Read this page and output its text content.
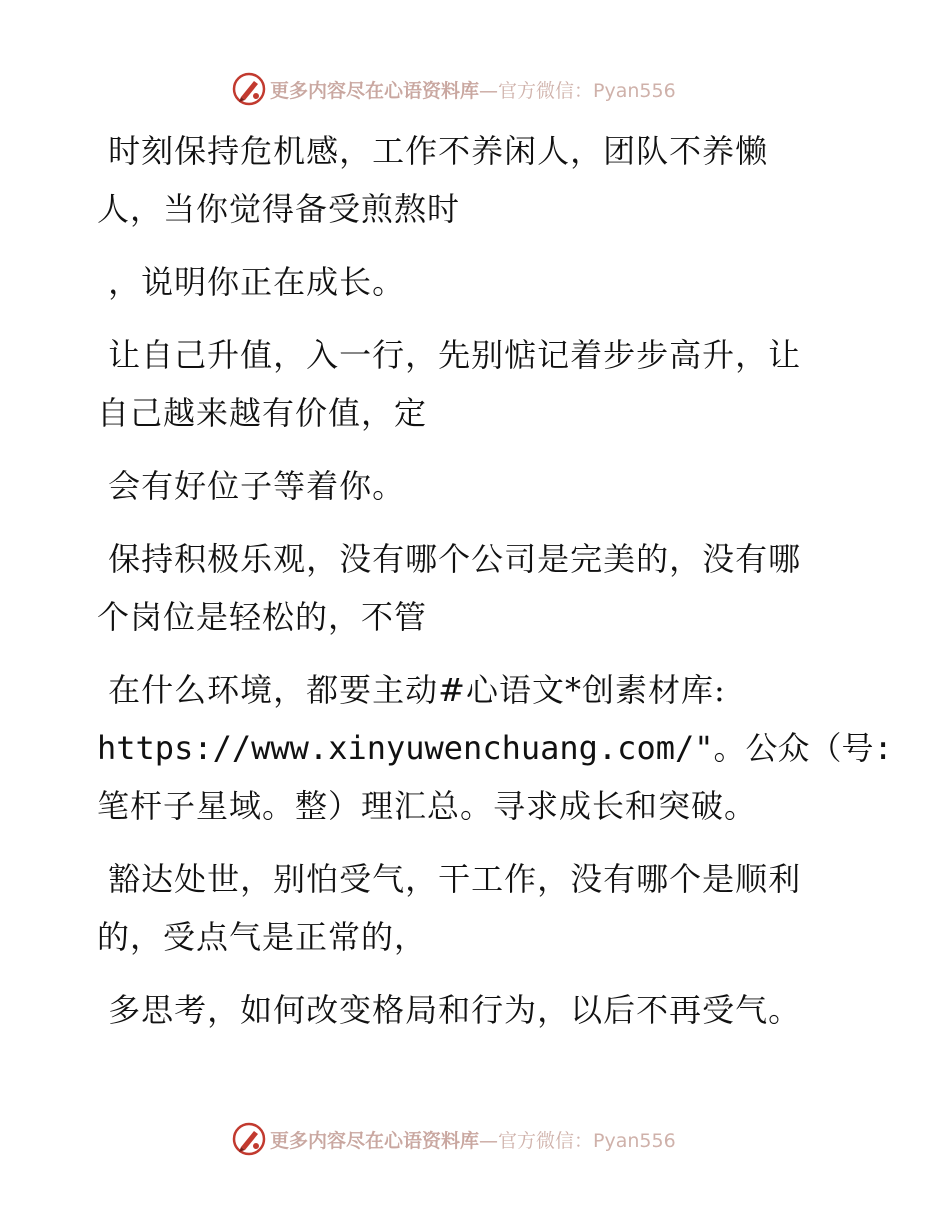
更多内容尽在心语资料库—官方微信：Pyan556
时刻保持危机感，工作不养闲人，团队不养懒
人，当你觉得备受煎熬时
，说明你正在成长。
让自己升值，入一行，先别惦记着步步高升，让
自己越来越有价值，定
会有好位子等着你。
保持积极乐观，没有哪个公司是完美的，没有哪
个岗位是轻松的，不管
在什么环境，都要主动#心语文*创素材库:
https://www.xinyuwenchuang.com/"。公众（号:
笔杆子星域。整）理汇总。寻求成长和突破。
豁达处世，别怕受气，干工作，没有哪个是顺利
的，受点气是正常的，
多思考，如何改变格局和行为，以后不再受气。
更多内容尽在心语资料库—官方微信：Pyan556
